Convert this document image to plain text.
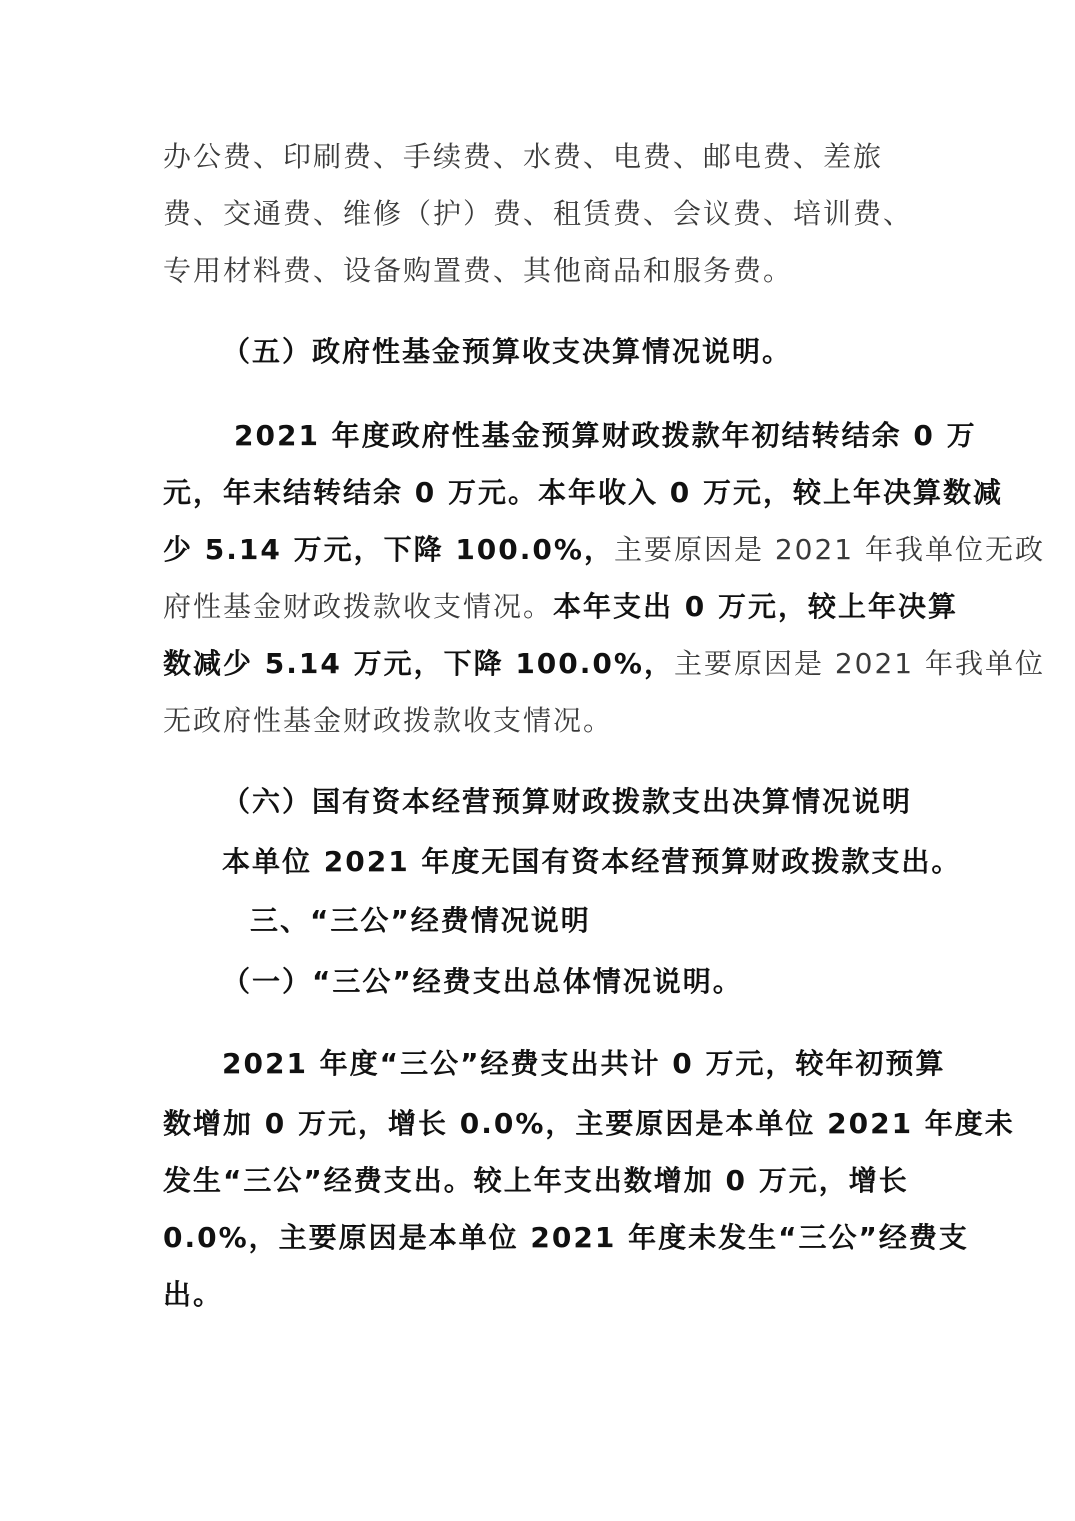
办公费、印刷费、手续费、水费、电费、邮电费、差旅
费、交通费、维修（护）费、租赁费、会议费、培训费、
专用材料费、设备购置费、其他商品和服务费。
（五）政府性基金预算收支决算情况说明。
2021 年度政府性基金预算财政拨款年初结转结余 0 万
元，年末结转结余 0 万元。本年收入 0 万元，较上年决算数减
少 5.14 万元，下降 100.0%，主要原因是 2021 年我单位无政
府性基金财政拨款收支情况。本年支出 0 万元，较上年决算
数减少 5.14 万元，下降 100.0%，主要原因是 2021 年我单位
无政府性基金财政拨款收支情况。
（六）国有资本经营预算财政拨款支出决算情况说明
本单位 2021 年度无国有资本经营预算财政拨款支出。
三、“三公”经费情况说明
（一）“三公”经费支出总体情况说明。
2021 年度“三公”经费支出共计 0 万元，较年初预算
数增加 0 万元，增长 0.0%，主要原因是本单位 2021 年度未
发生“三公”经费支出。较上年支出数增加 0 万元，增长
0.0%，主要原因是本单位 2021 年度未发生“三公”经费支
出。
